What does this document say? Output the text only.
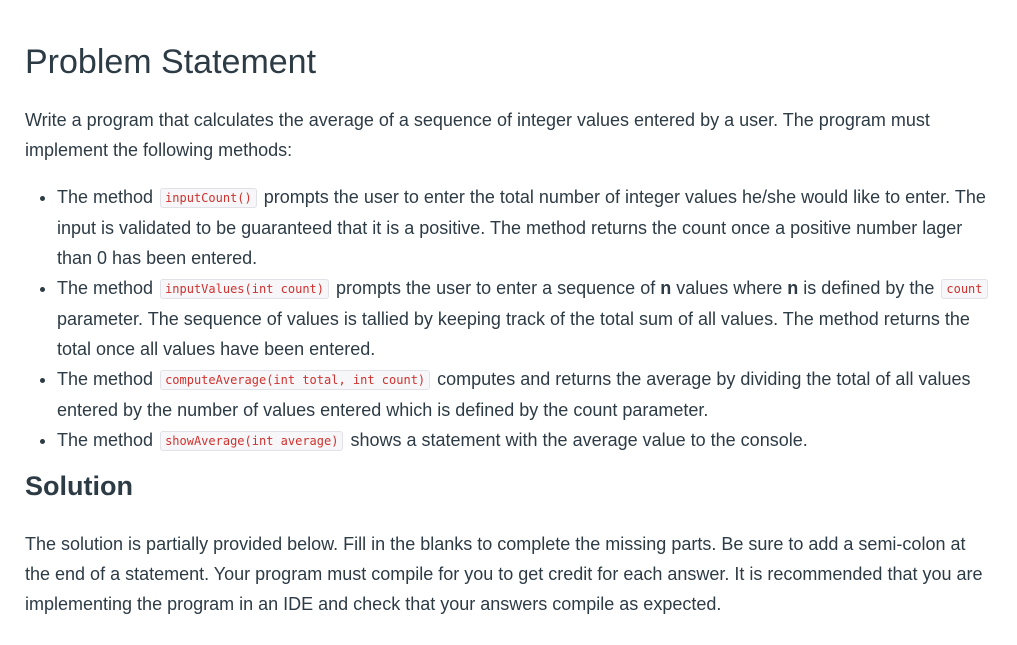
Problem Statement

Write a program that calculates the average of a sequence of integer values entered by a user. The program must implement the following methods:

• The method inputCount() prompts the user to enter the total number of integer values he/she would like to enter. The input is validated to be guaranteed that it is a positive. The method returns the count once a positive number lager than 0 has been entered.
• The method inputValues(int count) prompts the user to enter a sequence of n values where n is defined by the count parameter. The sequence of values is tallied by keeping track of the total sum of all values. The method returns the total once all values have been entered.
• The method computeAverage(int total, int count) computes and returns the average by dividing the total of all values entered by the number of values entered which is defined by the count parameter.
• The method showAverage(int average) shows a statement with the average value to the console.
Solution

The solution is partially provided below. Fill in the blanks to complete the missing parts. Be sure to add a semi-colon at the end of a statement. Your program must compile for you to get credit for each answer. It is recommended that you are implementing the program in an IDE and check that your answers compile as expected.
